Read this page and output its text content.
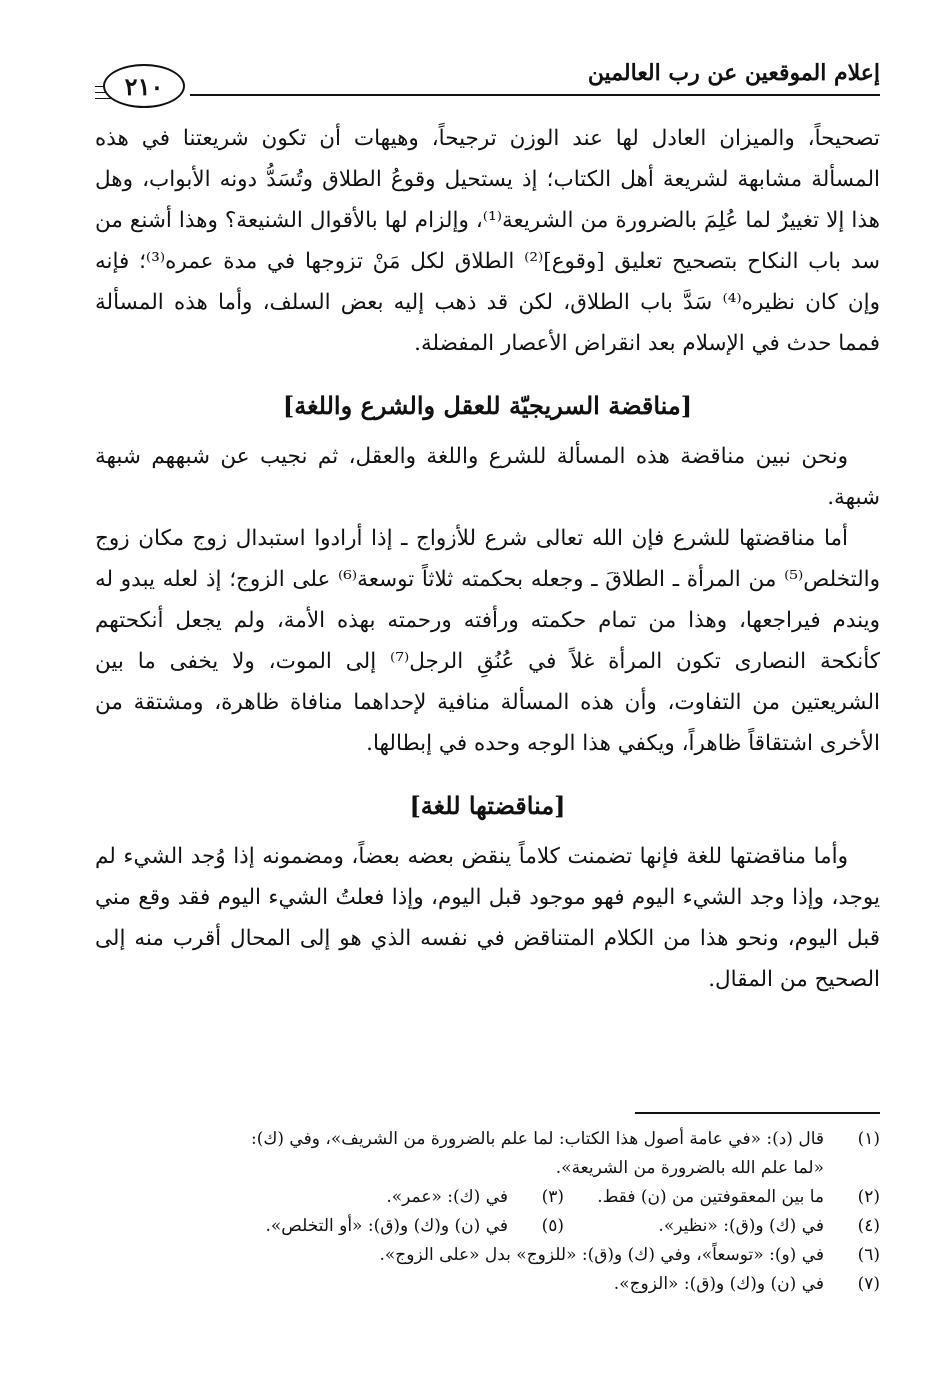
إعلام الموقعين عن رب العالمين
٢١٠

تصحيحاً، والميزان العادل لها عند الوزن ترجيحاً، وهيهات أن تكون شريعتنا في هذه المسألة مشابهة لشريعة أهل الكتاب؛ إذ يستحيل وقوعُ الطلاق وتُسَدُّ دونه الأبواب، وهل هذا إلا تغييرٌ لما عُلِمَ بالضرورة من الشريعة⁽¹⁾، وإلزام لها بالأقوال الشنيعة؟ وهذا أشنع من سد باب النكاح بتصحيح تعليق [وقوع]⁽²⁾ الطلاق لكل مَنْ تزوجها في مدة عمره⁽³⁾؛ فإنه وإن كان نظيره⁽⁴⁾ سَدَّ باب الطلاق، لكن قد ذهب إليه بعض السلف، وأما هذه المسألة فمما حدث في الإسلام بعد انقراض الأعصار المفضلة.

[مناقضة السريجيّة للعقل والشرع واللغة]

ونحن نبين مناقضة هذه المسألة للشرع واللغة والعقل، ثم نجيب عن شبههم شبهة شبهة.

أما مناقضتها للشرع فإن الله تعالى شرع للأزواج ـ إذا أرادوا استبدال زوج مكان زوج والتخلص⁽⁵⁾ من المرأة ـ الطلاقَ ـ وجعله بحكمته ثلاثاً توسعة⁽⁶⁾ على الزوج؛ إذ لعله يبدو له ويندم فيراجعها، وهذا من تمام حكمته ورأفته ورحمته بهذه الأمة، ولم يجعل أنكحتهم كأنكحة النصارى تكون المرأة غلاً في عُنُقِ الرجل⁽⁷⁾ إلى الموت، ولا يخفى ما بين الشريعتين من التفاوت، وأن هذه المسألة منافية لإحداهما منافاة ظاهرة، ومشتقة من الأخرى اشتقاقاً ظاهراً، ويكفي هذا الوجه وحده في إبطالها.

[مناقضتها للغة]

وأما مناقضتها للغة فإنها تضمنت كلاماً ينقض بعضه بعضاً، ومضمونه إذا وُجد الشيء لم يوجد، وإذا وجد الشيء اليوم فهو موجود قبل اليوم، وإذا فعلتُ الشيء اليوم فقد وقع مني قبل اليوم، ونحو هذا من الكلام المتناقض في نفسه الذي هو إلى المحال أقرب منه إلى الصحيح من المقال.

(١)
قال (د): «في عامة أصول هذا الكتاب: لما علم بالضرورة من الشريف»، وفي (ك):
«لما علم الله بالضرورة من الشريعة».
(٢)
ما بين المعقوفتين من (ن) فقط.
(٣)
في (ك): «عمر».
(٤)
في (ك) و(ق): «نظير».
(٥)
في (ن) و(ك) و(ق): «أو التخلص».
(٦)
في (و): «توسعاً»، وفي (ك) و(ق): «للزوج» بدل «على الزوج».
(٧)
في (ن) و(ك) و(ق): «الزوج».
